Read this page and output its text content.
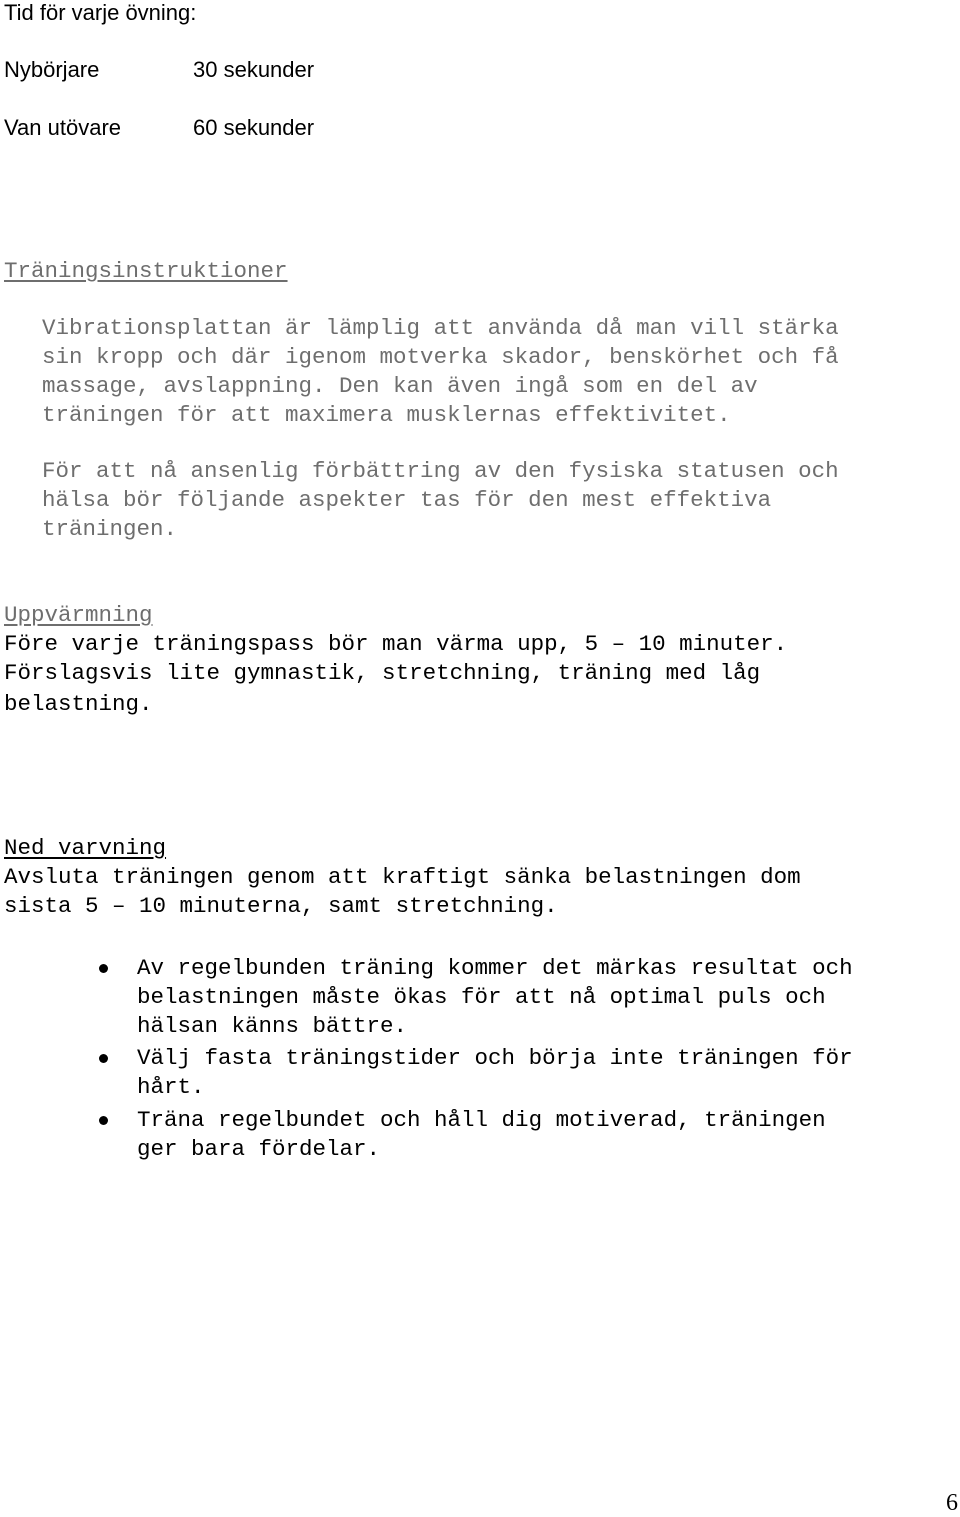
Tid för varje övning:
Nybörjare	30 sekunder
Van utövare	60 sekunder
Träningsinstruktioner
Vibrationsplattan är lämplig att använda då man vill stärka
sin kropp och där igenom motverka skador, benskörhet och få
massage, avslappning. Den kan även ingå som en del av
träningen för att maximera musklernas effektivitet.
För att nå ansenlig förbättring av den fysiska statusen och
hälsa bör följande aspekter tas för den mest effektiva
träningen.
Uppvärmning
Före varje träningspass bör man värma upp, 5 – 10 minuter.
Förslagsvis lite gymnastik, stretchning, träning med låg
belastning.
Ned varvning
Avsluta träningen genom att kraftigt sänka belastningen dom
sista 5 – 10 minuterna, samt stretchning.
Av regelbunden träning kommer det märkas resultat och
belastningen måste ökas för att nå optimal puls och
hälsan känns bättre.
Välj fasta träningstider och börja inte träningen för
hårt.
Träna regelbundet och håll dig motiverad, träningen
ger bara fördelar.
6
